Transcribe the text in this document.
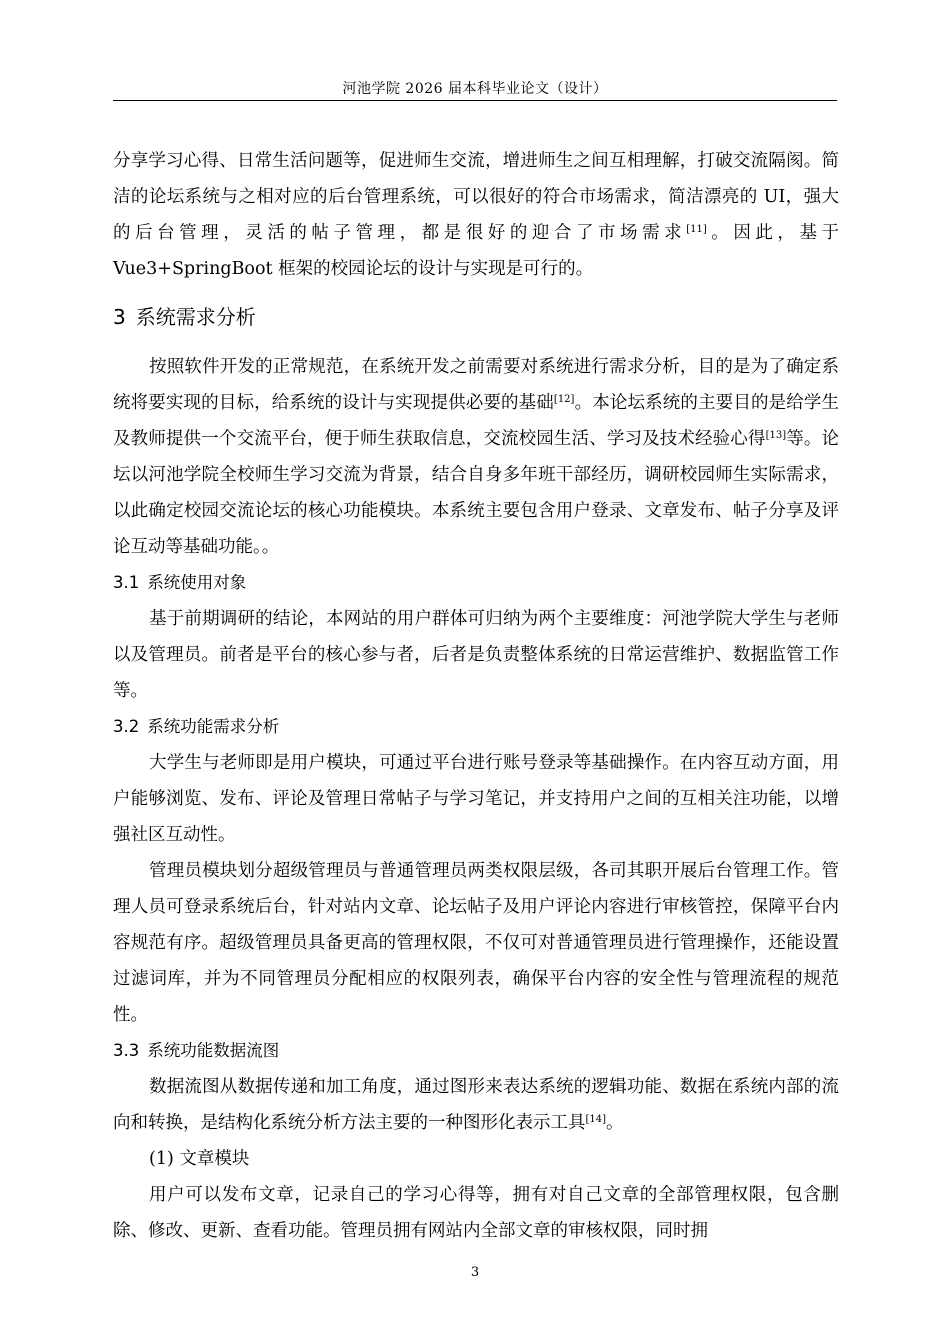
河池学院 2026 届本科毕业论文（设计）

分享学习心得、日常生活问题等，促进师生交流，增进师生之间互相理解，打破交流隔阂。简洁的论坛系统与之相对应的后台管理系统，可以很好的符合市场需求，简洁漂亮的 UI，强大的后台管理，灵活的帖子管理，都是很好的迎合了市场需求[11]。因此，基于 Vue3+SpringBoot 框架的校园论坛的设计与实现是可行的。

3 系统需求分析

按照软件开发的正常规范，在系统开发之前需要对系统进行需求分析，目的是为了确定系统将要实现的目标，给系统的设计与实现提供必要的基础[12]。本论坛系统的主要目的是给学生及教师提供一个交流平台，便于师生获取信息，交流校园生活、学习及技术经验心得[13]等。论坛以河池学院全校师生学习交流为背景，结合自身多年班干部经历，调研校园师生实际需求，以此确定校园交流论坛的核心功能模块。本系统主要包含用户登录、文章发布、帖子分享及评论互动等基础功能。。

3.1 系统使用对象

基于前期调研的结论，本网站的用户群体可归纳为两个主要维度：河池学院大学生与老师以及管理员。前者是平台的核心参与者，后者是负责整体系统的日常运营维护、数据监管工作等。

3.2 系统功能需求分析

大学生与老师即是用户模块，可通过平台进行账号登录等基础操作。在内容互动方面，用户能够浏览、发布、评论及管理日常帖子与学习笔记，并支持用户之间的互相关注功能，以增强社区互动性。

管理员模块划分超级管理员与普通管理员两类权限层级，各司其职开展后台管理工作。管理人员可登录系统后台，针对站内文章、论坛帖子及用户评论内容进行审核管控，保障平台内容规范有序。超级管理员具备更高的管理权限，不仅可对普通管理员进行管理操作，还能设置过滤词库，并为不同管理员分配相应的权限列表，确保平台内容的安全性与管理流程的规范性。

3.3 系统功能数据流图

数据流图从数据传递和加工角度，通过图形来表达系统的逻辑功能、数据在系统内部的流向和转换，是结构化系统分析方法主要的一种图形化表示工具[14]。

(1) 文章模块

用户可以发布文章，记录自己的学习心得等，拥有对自己文章的全部管理权限，包含删除、修改、更新、查看功能。管理员拥有网站内全部文章的审核权限，同时拥

3
